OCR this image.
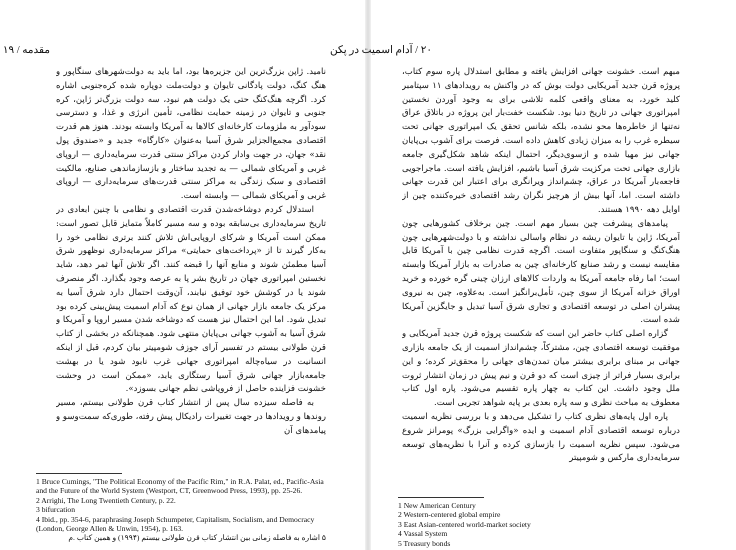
مقدمه / ۱۹

نامید. ژاپن بزرگ‌ترین این جزیره‌ها بود، اما باید به دولت‌شهرهای سنگاپور و هنگ کنگ، دولت پادگانی تایوان و دولت‌ملت دوپاره شده کره‌جنوبی اشاره کرد. اگرچه هنگ‌کنگ حتی یک دولت هم نبود، سه دولت بزرگ‌تر ژاپن، کره جنوبی و تایوان در زمینه حمایت نظامی، تأمین انرژی و غذا، و دسترسی سودآور به ملزومات کارخانه‌ای کالاها به آمریکا وابسته بودند. هنوز هم قدرت اقتصادی مجمع‌الجزایر شرق آسیا به‌عنوان «کارگاه» جدید و «صندوق پول نقد» جهان، در جهت وادار کردن مراکز سنتی قدرت سرمایه‌داری — اروپای غربی و آمریکای شمالی — به تجدید ساختار و بازسازماندهی صنایع، مالکیت اقتصادی و سبک زندگی به مراکز سنتی قدرت‌های سرمایه‌داری — اروپای غربی و آمریکای شمالی — وابسته است.

استدلال کردم دوشاخه‌شدن قدرت اقتصادی و نظامی با چنین ابعادی در تاریخ سرمایه‌داری بی‌سابقه بوده و سه مسیر کاملاً متمایز قابل تصور است: ممکن است آمریکا و شرکای اروپایی‌اش تلاش کنند برتری نظامی خود را به‌کار گیرند تا از «پرداخت‌های حمایتی» مراکز سرمایه‌داری نوظهور شرق آسیا مطمئن شوند و منابع آنها را قبضه کنند. اگر تلاش آنها ثمر دهد، شاید نخستین امپراتوری جهان در تاریخ بشر پا به عرصه وجود بگذارد. اگر منصرف شوند یا در کوشش خود توفیق نیابند، آن‌وقت احتمال دارد شرق آسیا به مرکز یک جامعه بازار جهانی از همان نوع که آدام اسمیت پیش‌بینی کرده بود تبدیل شود. اما این احتمال نیز هست که دوشاخه شدن مسیر اروپا و آمریکا و شرق آسیا به آشوب جهانی بی‌پایان منتهی شود. همچنانکه در بخشی از کتاب قرن طولانی بیستم در تفسیر آرای جوزف شومپیتر بیان کردم، قبل از اینکه انسانیت در سیاه‌چاله امپراتوری جهانی غرب نابود شود یا در بهشت جامعه‌بازار جهانی شرق آسیا رستگاری یابد، «ممکن است در وحشت خشونت فزاینده حاصل از فروپاشی نظم جهانی بسوزد».

به فاصله سیزده سال پس از انتشار کتاب قرن طولانی بیستم، مسیر روندها و رویدادها در جهت تغییرات رادیکال پیش رفته، طوری‌که سمت‌وسو و پیامدهای آن

1 Bruce Cumings, "The Political Economy of the Pacific Rim," in R.A. Palat, ed., Pacific-Asia
and the Future of the World System (Westport, CT, Greenwood Press, 1993), pp. 25-26.
2 Arrighi, The Long Twentieth Century, p. 22.
3 bifurcation
4 Ibid., pp. 354-6, paraphrasing Joseph Schumpeter, Capitalism, Socialism, and Democracy
(London, George Allen & Unwin, 1954), p. 163.
۵ اشاره به فاصله زمانی بین انتشار کتاب قرن طولانی بیستم (۱۹۹۴) و همین کتاب .م
۲۰ / آدام اسمیت در پکن

مبهم است. خشونت جهانی افزایش یافته و مطابق استدلال پاره سوم کتاب، پروژه قرن جدید آمریکایی دولت بوش که در واکنش به رویدادهای ۱۱ سپتامبر کلید خورد، به معنای واقعی کلمه تلاشی برای به وجود آوردن نخستین امپراتوری جهانی در تاریخ دنیا بود. شکست خفت‌بار این پروژه در باتلاق عراق نه‌تنها از خاطره‌ها محو نشده، بلکه شانس تحقق یک امپراتوری جهانی تحت سیطره غرب را به میزان زیادی کاهش داده است. فرصت برای آشوب بی‌پایان جهانی نیز مهیا شده و ازسوی‌دیگر، احتمال اینکه شاهد شکل‌گیری جامعه بازاری جهانی تحت مرکزیت شرق آسیا باشیم، افزایش یافته است. ماجراجویی فاجعه‌بار آمریکا در عراق، چشم‌انداز ویرانگری برای اعتبار این قدرت جهانی داشته است. اما، آنها بیش از هرچیز نگران رشد اقتصادی خیره‌کننده چین از اوایل دهه ۱۹۹۰ هستند.

پیامدهای پیشرفت چین بسیار مهم است. چین برخلاف کشورهایی چون آمریکا، ژاپن یا تایوان ریشه در نظام واسالی نداشته و با دولت‌شهرهایی چون هنگ‌کنگ و سنگاپور متفاوت است. اگرچه قدرت نظامی چین با آمریکا قابل مقایسه نیست و رشد صنایع کارخانه‌ای چین به صادرات به بازار آمریکا وابسته است؛ اما رفاه جامعه آمریکا به واردات کالاهای ارزان چینی گره خورده و خرید اوراق خزانه آمریکا از سوی چین، تأمل‌برانگیز است. به‌علاوه، چین به نیروی پیشران اصلی در توسعه اقتصادی و تجاری شرق آسیا تبدیل و جایگزین آمریکا شده است.

گزاره اصلی کتاب حاضر این است که شکست پروژه قرن جدید آمریکایی و موفقیت توسعه اقتصادی چین، مشترکاً، چشم‌انداز اسمیت از یک جامعه بازاری جهانی بر مبنای برابری بیشتر میان تمدن‌های جهانی را محقق‌تر کرده؛ و این برابری بسیار فراتر از چیزی است که دو قرن و نیم پیش در زمان انتشار ثروت ملل وجود داشت. این کتاب به چهار پاره تقسیم می‌شود. پاره اول کتاب معطوف به مباحث نظری و سه پاره بعدی بر پایه شواهد تجربی است.

پاره اول پایه‌های نظری کتاب را تشکیل می‌دهد و با بررسی نظریه اسمیت درباره توسعه اقتصادی آدام اسمیت و ایده «واگرایی بزرگ» پومرانز شروع می‌شود. سپس نظریه اسمیت را بازسازی کرده و آنرا با نظریه‌های توسعه سرمایه‌داری مارکس و شومپیتر

1 New American Century
2 Western-centered global empire
3 East Asian-centered world-market society
4 Vassal System
5 Treasury bonds
